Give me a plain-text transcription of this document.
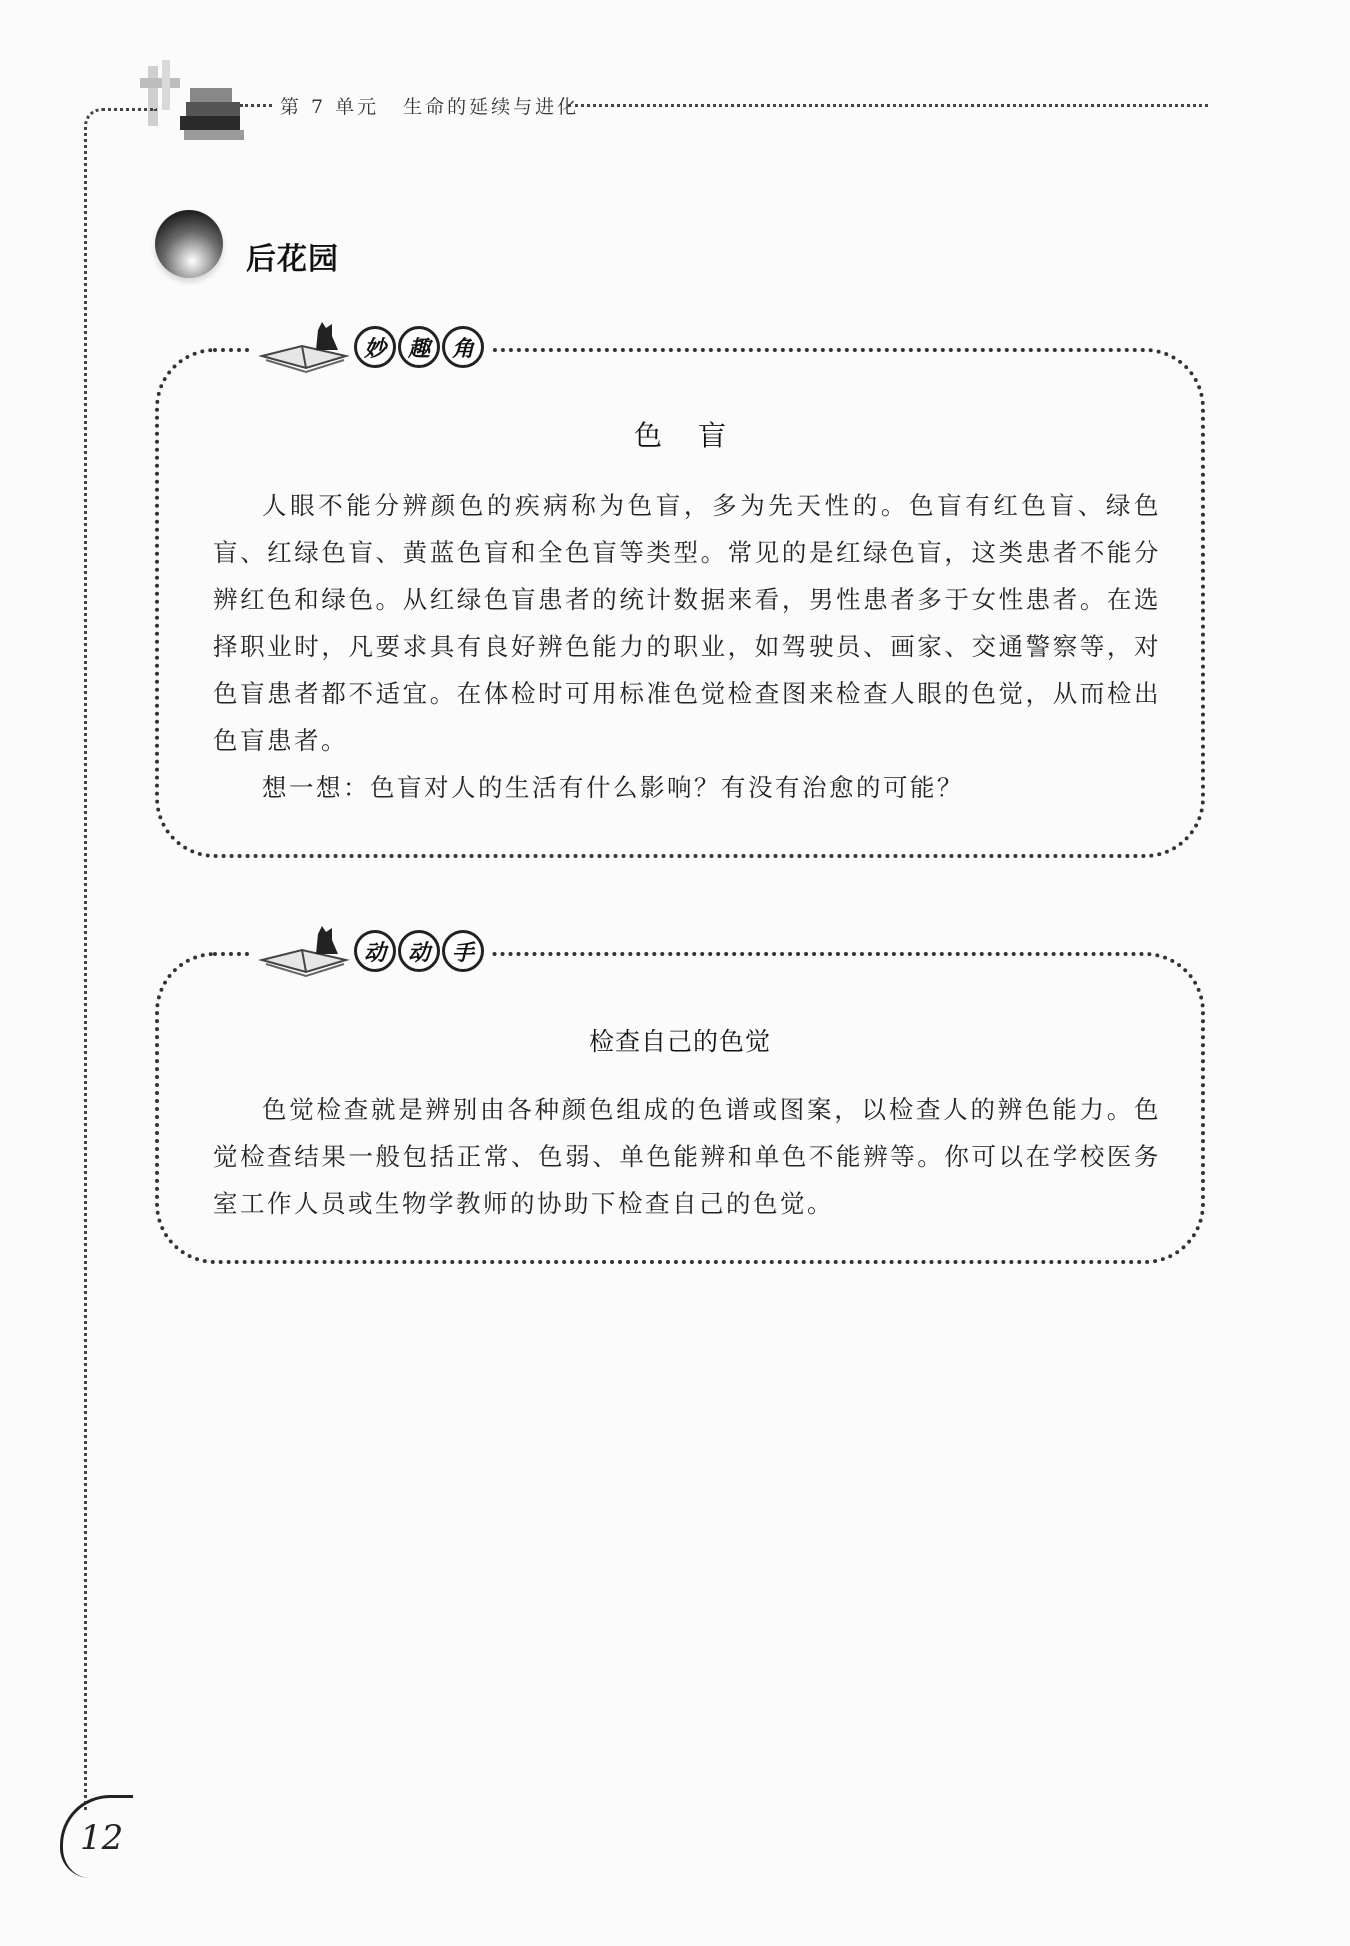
第 7 单元 生命的延续与进化
后花园
色盲

人眼不能分辨颜色的疾病称为色盲，多为先天性的。色盲有红色盲、绿色盲、红绿色盲、黄蓝色盲和全色盲等类型。常见的是红绿色盲，这类患者不能分辨红色和绿色。从红绿色盲患者的统计数据来看，男性患者多于女性患者。在选择职业时，凡要求具有良好辨色能力的职业，如驾驶员、画家、交通警察等，对色盲患者都不适宜。在体检时可用标准色觉检查图来检查人眼的色觉，从而检出色盲患者。

想一想：色盲对人的生活有什么影响？有没有治愈的可能？

妙 趣 角
检查自己的色觉

色觉检查就是辨别由各种颜色组成的色谱或图案，以检查人的辨色能力。色觉检查结果一般包括正常、色弱、单色能辨和单色不能辨等。你可以在学校医务室工作人员或生物学教师的协助下检查自己的色觉。

动 动 手
12
